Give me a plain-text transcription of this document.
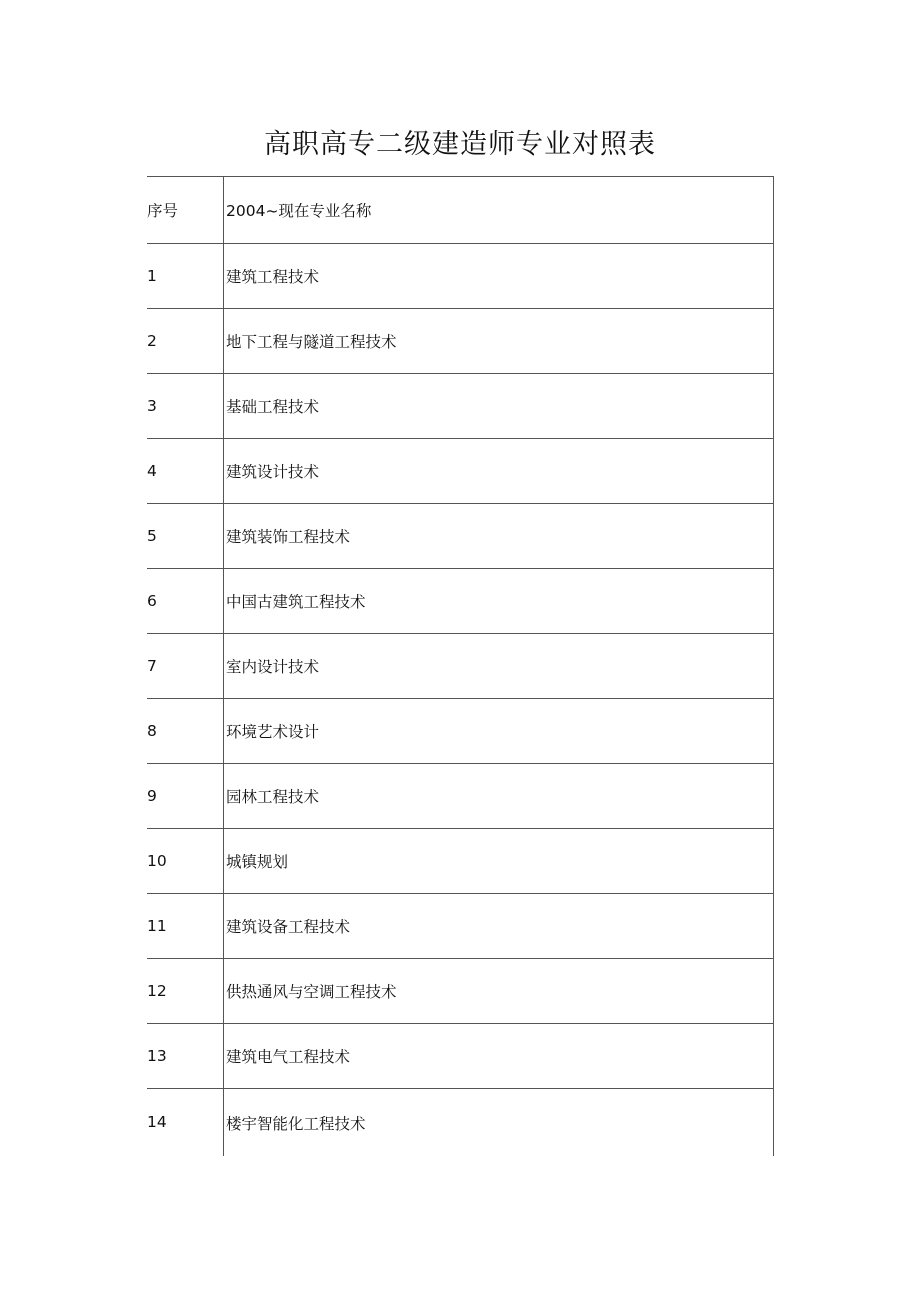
高职高专二级建造师专业对照表
序号	2004~现在专业名称
1	建筑工程技术
2	地下工程与隧道工程技术
3	基础工程技术
4	建筑设计技术
5	建筑装饰工程技术
6	中国古建筑工程技术
7	室内设计技术
8	环境艺术设计
9	园林工程技术
10	城镇规划
11	建筑设备工程技术
12	供热通风与空调工程技术
13	建筑电气工程技术
14	楼宇智能化工程技术
